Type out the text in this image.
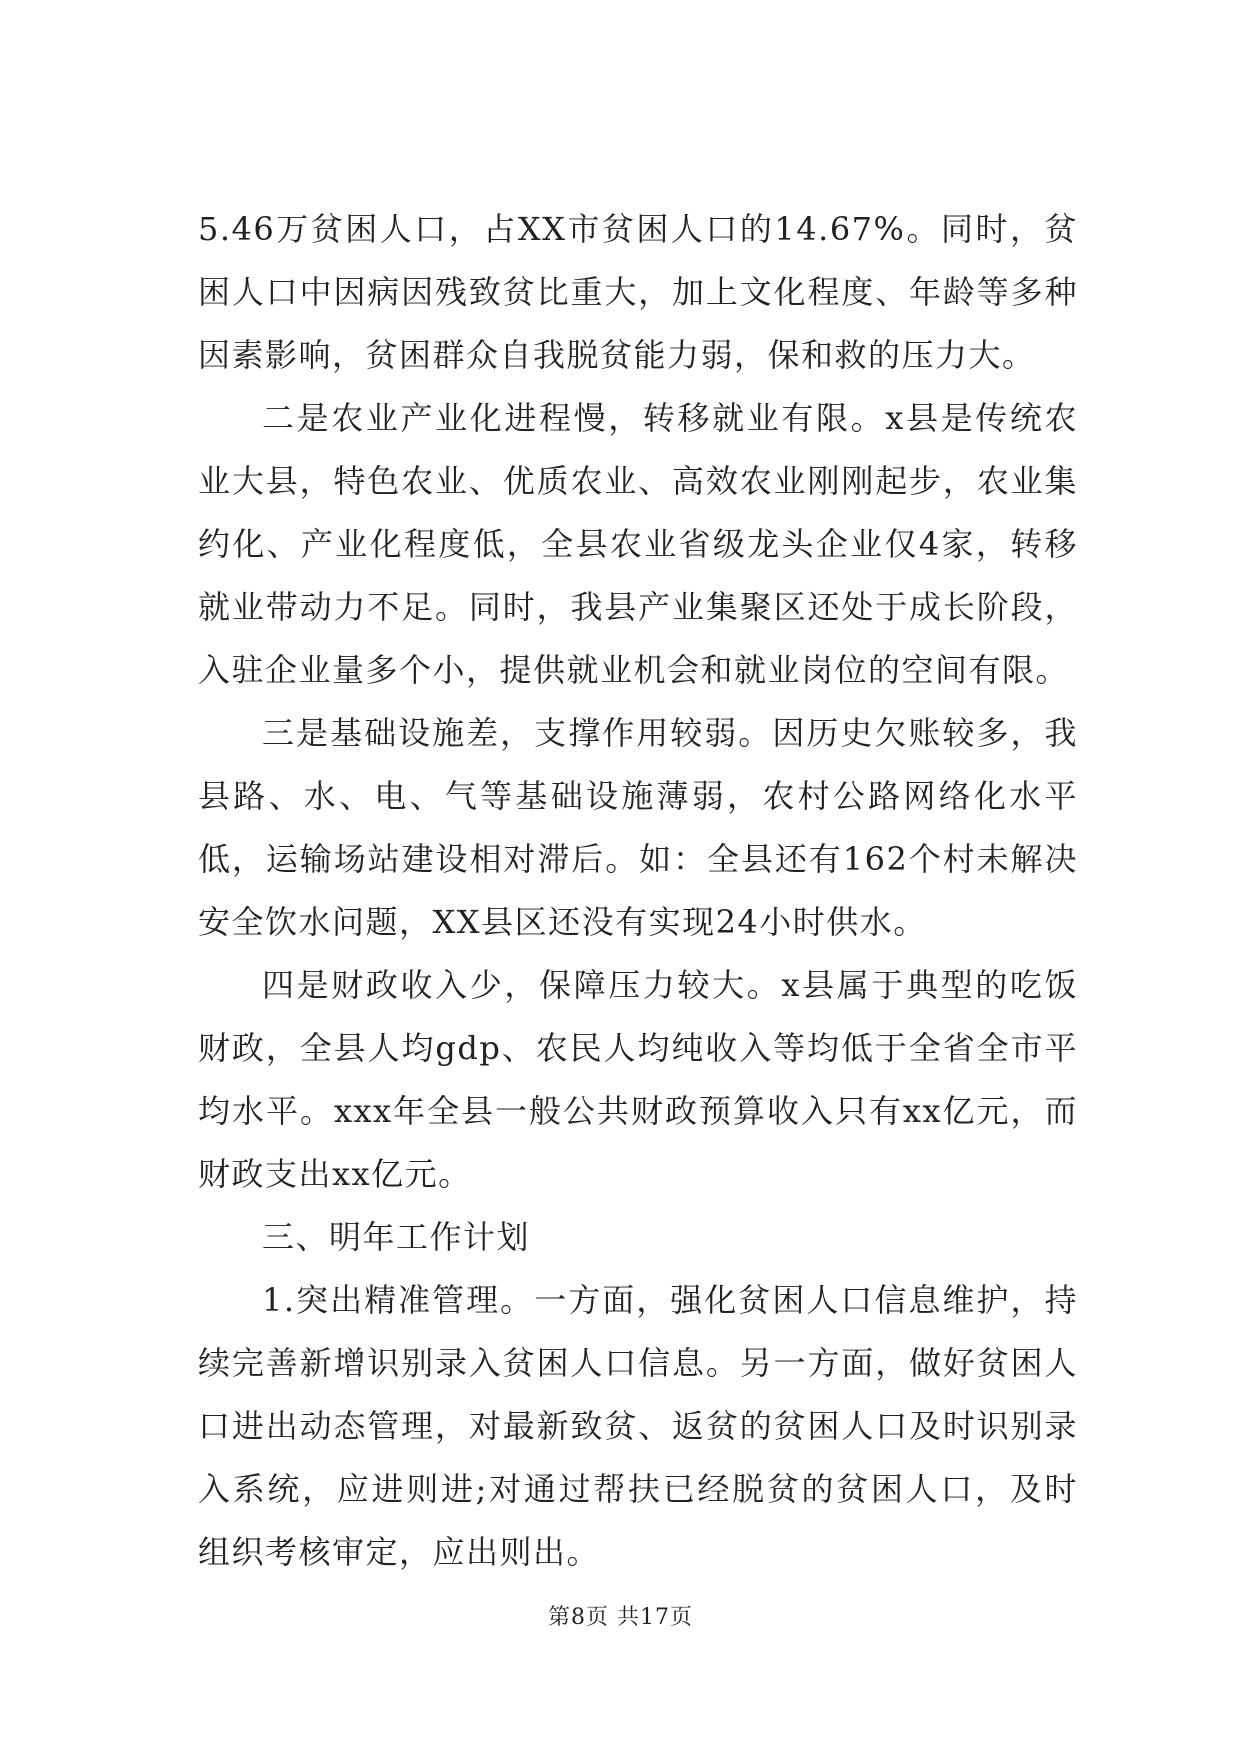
5.46万贫困人口，占XX市贫困人口的14.67%。同时，贫困人口中因病因残致贫比重大，加上文化程度、年龄等多种因素影响，贫困群众自我脱贫能力弱，保和救的压力大。

二是农业产业化进程慢，转移就业有限。x县是传统农业大县，特色农业、优质农业、高效农业刚刚起步，农业集约化、产业化程度低，全县农业省级龙头企业仅4家，转移就业带动力不足。同时，我县产业集聚区还处于成长阶段，入驻企业量多个小，提供就业机会和就业岗位的空间有限。

三是基础设施差，支撑作用较弱。因历史欠账较多，我县路、水、电、气等基础设施薄弱，农村公路网络化水平低，运输场站建设相对滞后。如：全县还有162个村未解决安全饮水问题，XX县区还没有实现24小时供水。

四是财政收入少，保障压力较大。x县属于典型的吃饭财政，全县人均gdp、农民人均纯收入等均低于全省全市平均水平。xxx年全县一般公共财政预算收入只有xx亿元，而财政支出xx亿元。

三、明年工作计划

1.突出精准管理。一方面，强化贫困人口信息维护，持续完善新增识别录入贫困人口信息。另一方面，做好贫困人口进出动态管理，对最新致贫、返贫的贫困人口及时识别录入系统，应进则进;对通过帮扶已经脱贫的贫困人口，及时组织考核审定，应出则出。

第8页 共17页
